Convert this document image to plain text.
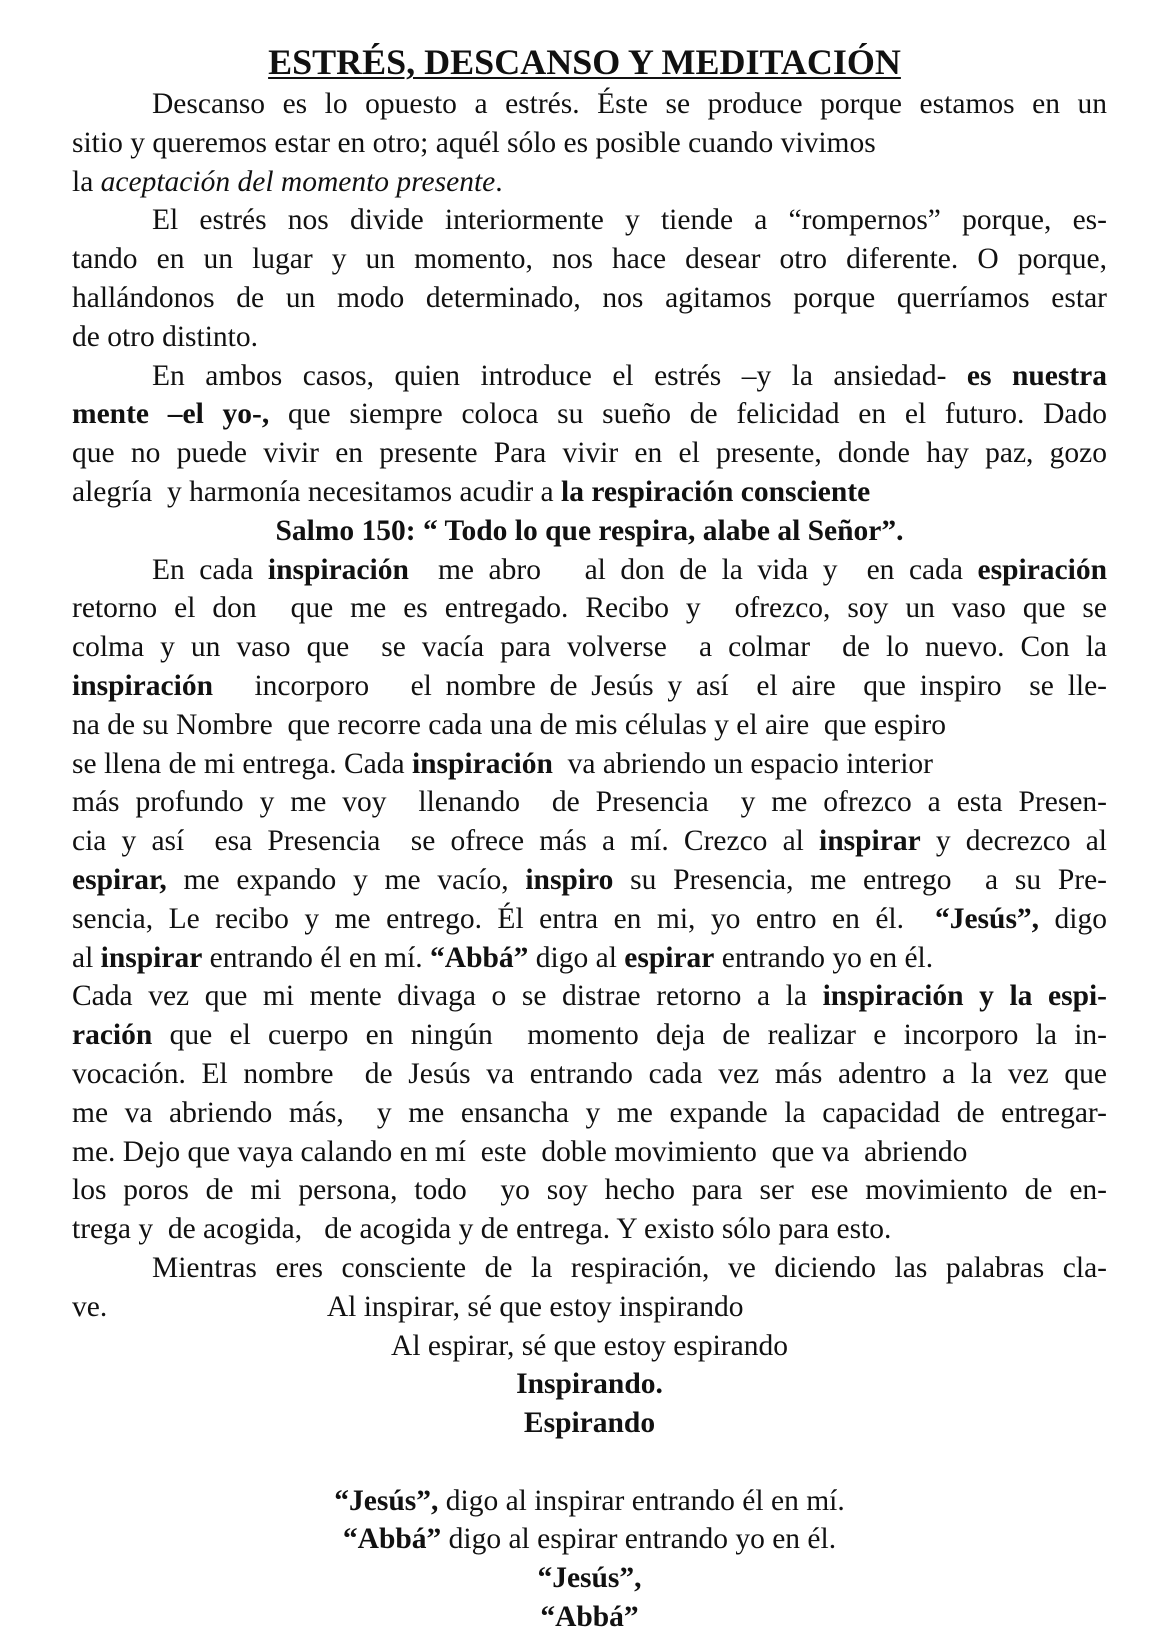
ESTRÉS, DESCANSO Y MEDITACIÓN
Descanso es lo opuesto a estrés. Éste se produce porque estamos en un
sitio y queremos estar en otro; aquél sólo es posible cuando vivimos
la aceptación del momento presente.
El estrés nos divide interiormente y tiende a “rompernos” porque, es-
tando en un lugar y un momento, nos hace desear otro diferente. O porque,
hallándonos de un modo determinado, nos agitamos porque querríamos estar
de otro distinto.
En ambos casos, quien introduce el estrés –y la ansiedad- es nuestra
mente –el yo-, que siempre coloca su sueño de felicidad en el futuro. Dado
que no puede vivir en presente Para vivir en el presente, donde hay paz, gozo
alegría  y harmonía necesitamos acudir a la respiración consciente
Salmo 150: “ Todo lo que respira, alabe al Señor”.
En cada inspiración  me abro   al don de la vida y  en cada espiración
retorno el don  que me es entregado. Recibo y  ofrezco, soy un vaso que se
colma y un vaso que  se vacía para volverse  a colmar  de lo nuevo. Con la
inspiración   incorporo   el nombre de Jesús y así  el aire  que inspiro  se lle-
na de su Nombre  que recorre cada una de mis células y el aire  que espiro
se llena de mi entrega. Cada inspiración  va abriendo un espacio interior
más profundo y me voy  llenando  de Presencia  y me ofrezco a esta Presen-
cia y así  esa Presencia  se ofrece más a mí. Crezco al inspirar y decrezco al
espirar, me expando y me vacío, inspiro su Presencia, me entrego  a su Pre-
sencia, Le recibo y me entrego. Él entra en mi, yo entro en él.  “Jesús”, digo
al inspirar entrando él en mí. “Abbá” digo al espirar entrando yo en él.
Cada vez que mi mente divaga o se distrae retorno a la inspiración y la espi-
ración que el cuerpo en ningún  momento deja de realizar e incorporo la in-
vocación. El nombre  de Jesús va entrando cada vez más adentro a la vez que
me va abriendo más,  y me ensancha y me expande la capacidad de entregar-
me. Dejo que vaya calando en mí  este  doble movimiento  que va  abriendo
los poros de mi persona, todo  yo soy hecho para ser ese movimiento de en-
trega y  de acogida,   de acogida y de entrega. Y existo sólo para esto.
Mientras eres consciente de la respiración, ve diciendo las palabras cla-
ve.                              Al inspirar, sé que estoy inspirando
Al espirar, sé que estoy espirando
Inspirando.
Espirando
“Jesús”, digo al inspirar entrando él en mí.
“Abbá” digo al espirar entrando yo en él.
“Jesús”,
“Abbá”
